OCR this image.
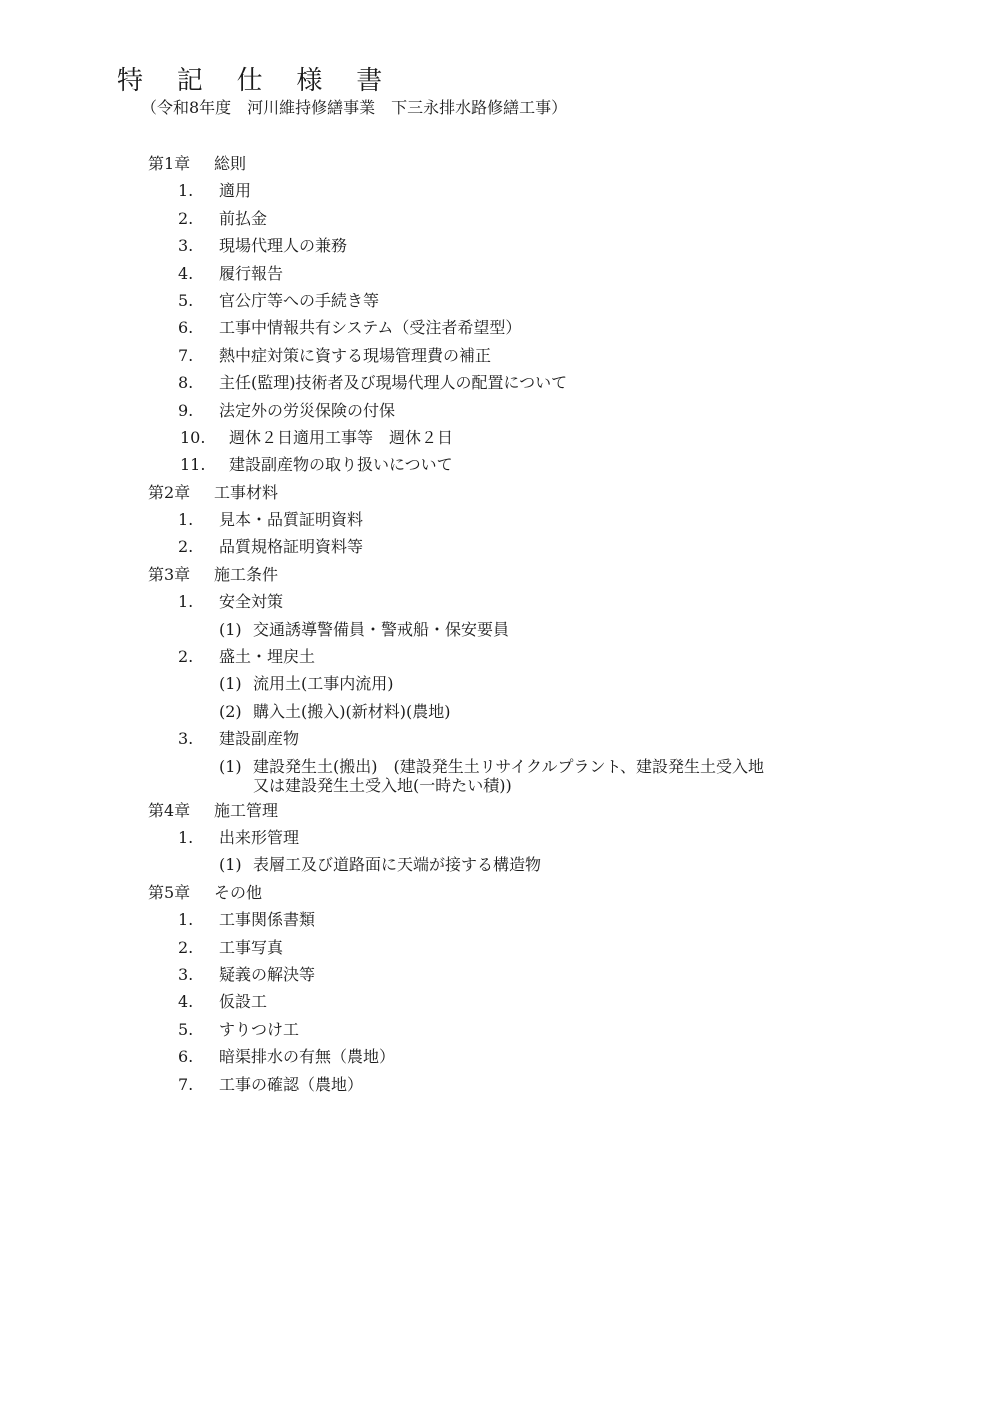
特　記　仕　様　書
（令和8年度　河川維持修繕事業　下三永排水路修繕工事）
第1章 総則
1.	適用
2.	前払金
3.	現場代理人の兼務
4.	履行報告
5.	官公庁等への手続き等
6.	工事中情報共有システム（受注者希望型）
7.	熱中症対策に資する現場管理費の補正
8.	主任(監理)技術者及び現場代理人の配置について
9.	法定外の労災保険の付保
10.	週休２日適用工事等　週休２日
11.	建設副産物の取り扱いについて
第2章 工事材料
1.	見本・品質証明資料
2.	品質規格証明資料等
第3章 施工条件
1.	安全対策
(1) 交通誘導警備員・警戒船・保安要員
2.	盛土・埋戻土
(1) 流用土(工事内流用)
(2) 購入土(搬入)(新材料)(農地)
3.	建設副産物
(1) 建設発生土(搬出)　(建設発生土リサイクルプラント、建設発生土受入地
又は建設発生土受入地(一時たい積))
第4章 施工管理
1.	出来形管理
(1) 表層工及び道路面に天端が接する構造物
第5章 その他
1.	工事関係書類
2.	工事写真
3.	疑義の解決等
4.	仮設工
5.	すりつけ工
6.	暗渠排水の有無（農地）
7.	工事の確認（農地）
